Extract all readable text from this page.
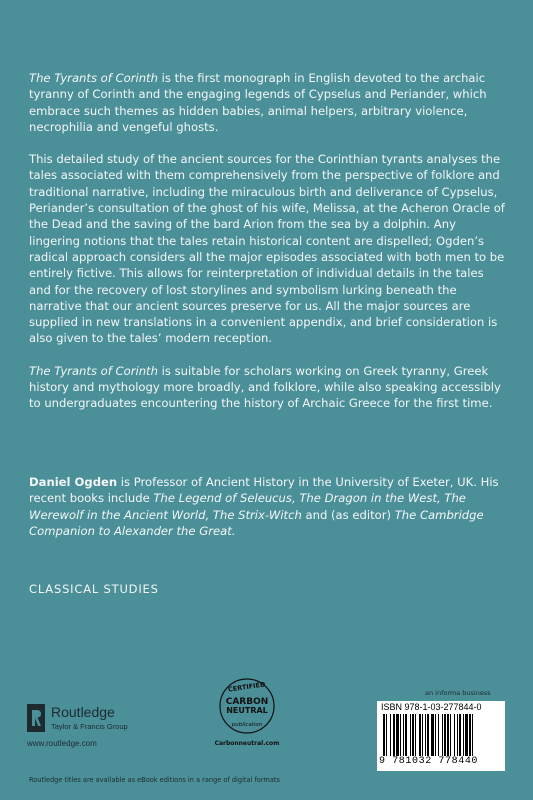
The Tyrants of Corinth is the first monograph in English devoted to the archaic tyranny of Corinth and the engaging legends of Cypselus and Periander, which embrace such themes as hidden babies, animal helpers, arbitrary violence, necrophilia and vengeful ghosts.

This detailed study of the ancient sources for the Corinthian tyrants analyses the tales associated with them comprehensively from the perspective of folklore and traditional narrative, including the miraculous birth and deliverance of Cypselus, Periander’s consultation of the ghost of his wife, Melissa, at the Acheron Oracle of the Dead and the saving of the bard Arion from the sea by a dolphin. Any lingering notions that the tales retain historical content are dispelled; Ogden’s radical approach considers all the major episodes associated with both men to be entirely fictive. This allows for reinterpretation of individual details in the tales and for the recovery of lost storylines and symbolism lurking beneath the narrative that our ancient sources preserve for us. All the major sources are supplied in new translations in a convenient appendix, and brief consideration is also given to the tales’ modern reception.

The Tyrants of Corinth is suitable for scholars working on Greek tyranny, Greek history and mythology more broadly, and folklore, while also speaking accessibly to undergraduates encountering the history of Archaic Greece for the first time.

Daniel Ogden is Professor of Ancient History in the University of Exeter, UK. His recent books include The Legend of Seleucus, The Dragon in the West, The Werewolf in the Ancient World, The Strix-Witch and (as editor) The Cambridge Companion to Alexander the Great.
CLASSICAL STUDIES
Routledge
Taylor & Francis Group
www.routledge.com
CERTIFIED
CARBON
NEUTRAL
publication
Carbonneutral.com
an informa business
ISBN 978-1-03-277844-0
9 781032 778440
Routledge titles are available as eBook editions in a range of digital formats
